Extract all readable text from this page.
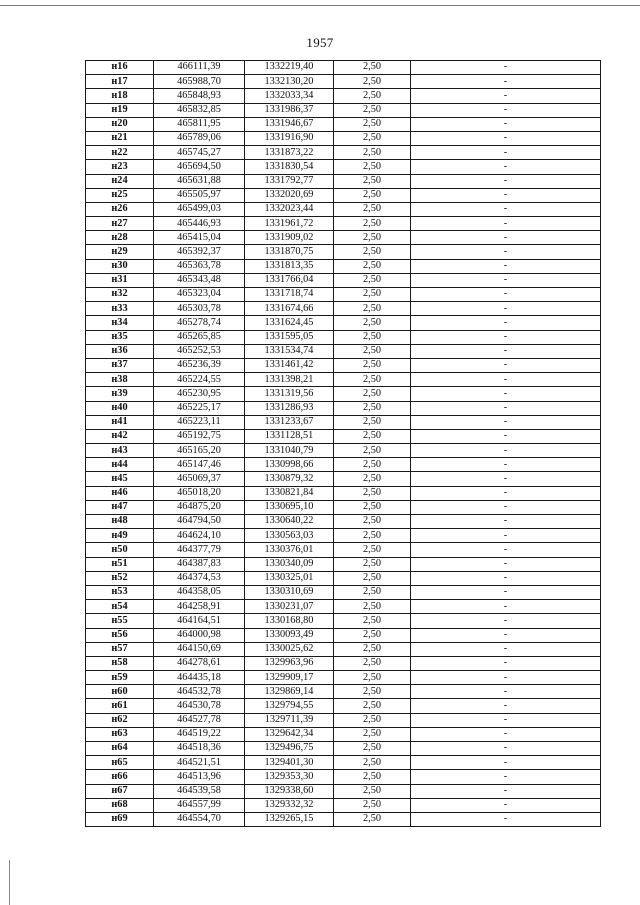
1957
н16	466111,39	1332219,40	2,50	-
н17	465988,70	1332130,20	2,50	-
н18	465848,93	1332033,34	2,50	-
н19	465832,85	1331986,37	2,50	-
н20	465811,95	1331946,67	2,50	-
н21	465789,06	1331916,90	2,50	-
н22	465745,27	1331873,22	2,50	-
н23	465694,50	1331830,54	2,50	-
н24	465631,88	1331792,77	2,50	-
н25	465505,97	1332020,69	2,50	-
н26	465499,03	1332023,44	2,50	-
н27	465446,93	1331961,72	2,50	-
н28	465415,04	1331909,02	2,50	-
н29	465392,37	1331870,75	2,50	-
н30	465363,78	1331813,35	2,50	-
н31	465343,48	1331766,04	2,50	-
н32	465323,04	1331718,74	2,50	-
н33	465303,78	1331674,66	2,50	-
н34	465278,74	1331624,45	2,50	-
н35	465265,85	1331595,05	2,50	-
н36	465252,53	1331534,74	2,50	-
н37	465236,39	1331461,42	2,50	-
н38	465224,55	1331398,21	2,50	-
н39	465230,95	1331319,56	2,50	-
н40	465225,17	1331286,93	2,50	-
н41	465223,11	1331233,67	2,50	-
н42	465192,75	1331128,51	2,50	-
н43	465165,20	1331040,79	2,50	-
н44	465147,46	1330998,66	2,50	-
н45	465069,37	1330879,32	2,50	-
н46	465018,20	1330821,84	2,50	-
н47	464875,20	1330695,10	2,50	-
н48	464794,50	1330640,22	2,50	-
н49	464624,10	1330563,03	2,50	-
н50	464377,79	1330376,01	2,50	-
н51	464387,83	1330340,09	2,50	-
н52	464374,53	1330325,01	2,50	-
н53	464358,05	1330310,69	2,50	-
н54	464258,91	1330231,07	2,50	-
н55	464164,51	1330168,80	2,50	-
н56	464000,98	1330093,49	2,50	-
н57	464150,69	1330025,62	2,50	-
н58	464278,61	1329963,96	2,50	-
н59	464435,18	1329909,17	2,50	-
н60	464532,78	1329869,14	2,50	-
н61	464530,78	1329794,55	2,50	-
н62	464527,78	1329711,39	2,50	-
н63	464519,22	1329642,34	2,50	-
н64	464518,36	1329496,75	2,50	-
н65	464521,51	1329401,30	2,50	-
н66	464513,96	1329353,30	2,50	-
н67	464539,58	1329338,60	2,50	-
н68	464557,99	1329332,32	2,50	-
н69	464554,70	1329265,15	2,50	-
